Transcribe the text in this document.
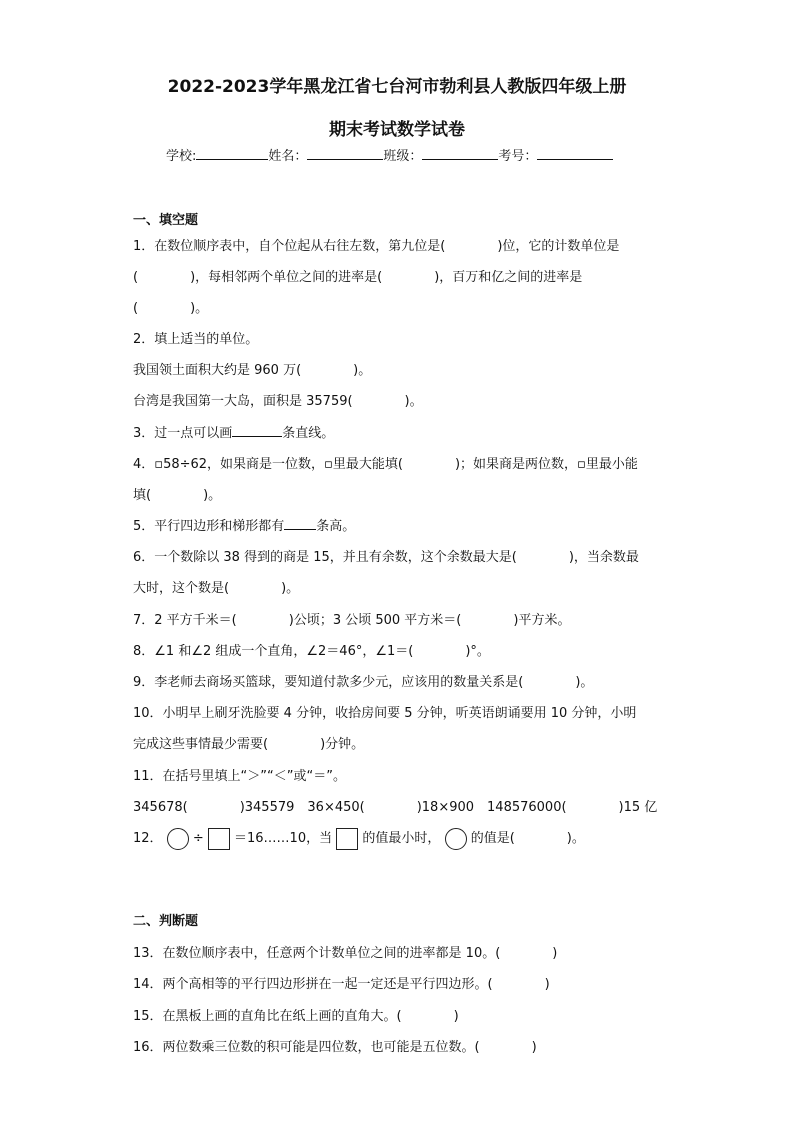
2022-2023学年黑龙江省七台河市勃利县人教版四年级上册
期末考试数学试卷
学校:	姓名：	班级：	考号：
一、填空题
1．在数位顺序表中，自个位起从右往左数，第九位是(　　　　)位，它的计数单位是
(　　　　)，每相邻两个单位之间的进率是(　　　　)，百万和亿之间的进率是
(　　　　)。
2．填上适当的单位。
我国领土面积大约是 960 万(　　　　)。
台湾是我国第一大岛，面积是 35759(　　　　)。
3．过一点可以画	条直线。
4．▫58÷62，如果商是一位数，▫里最大能填(　　　　)；如果商是两位数，▫里最小能
填(　　　　)。
5．平行四边形和梯形都有 条高。
6．一个数除以 38 得到的商是 15，并且有余数，这个余数最大是(　　　　)，当余数最
大时，这个数是(　　　　)。
7．2 平方千米＝(　　　　)公顷；3 公顷 500 平方米＝(　　　　)平方米。
8．∠1 和∠2 组成一个直角，∠2＝46°，∠1＝(　　　　)°。
9．李老师去商场买篮球，要知道付款多少元，应该用的数量关系是(　　　　)。
10．小明早上刷牙洗脸要 4 分钟，收拾房间要 5 分钟，听英语朗诵要用 10 分钟，小明
完成这些事情最少需要(　　　　)分钟。
11．在括号里填上“＞”“＜”或“＝”。
345678(　　　　)345579　36×450(　　　　)18×900　148576000(　　　　)15 亿
12． ÷ ＝16……10，当 的值最小时， 的值是(　　　　)。
二、判断题
13．在数位顺序表中，任意两个计数单位之间的进率都是 10。(　　　　)
14．两个高相等的平行四边形拼在一起一定还是平行四边形。(　　　　)
15．在黑板上画的直角比在纸上画的直角大。(　　　　)
16．两位数乘三位数的积可能是四位数，也可能是五位数。(　　　　)
